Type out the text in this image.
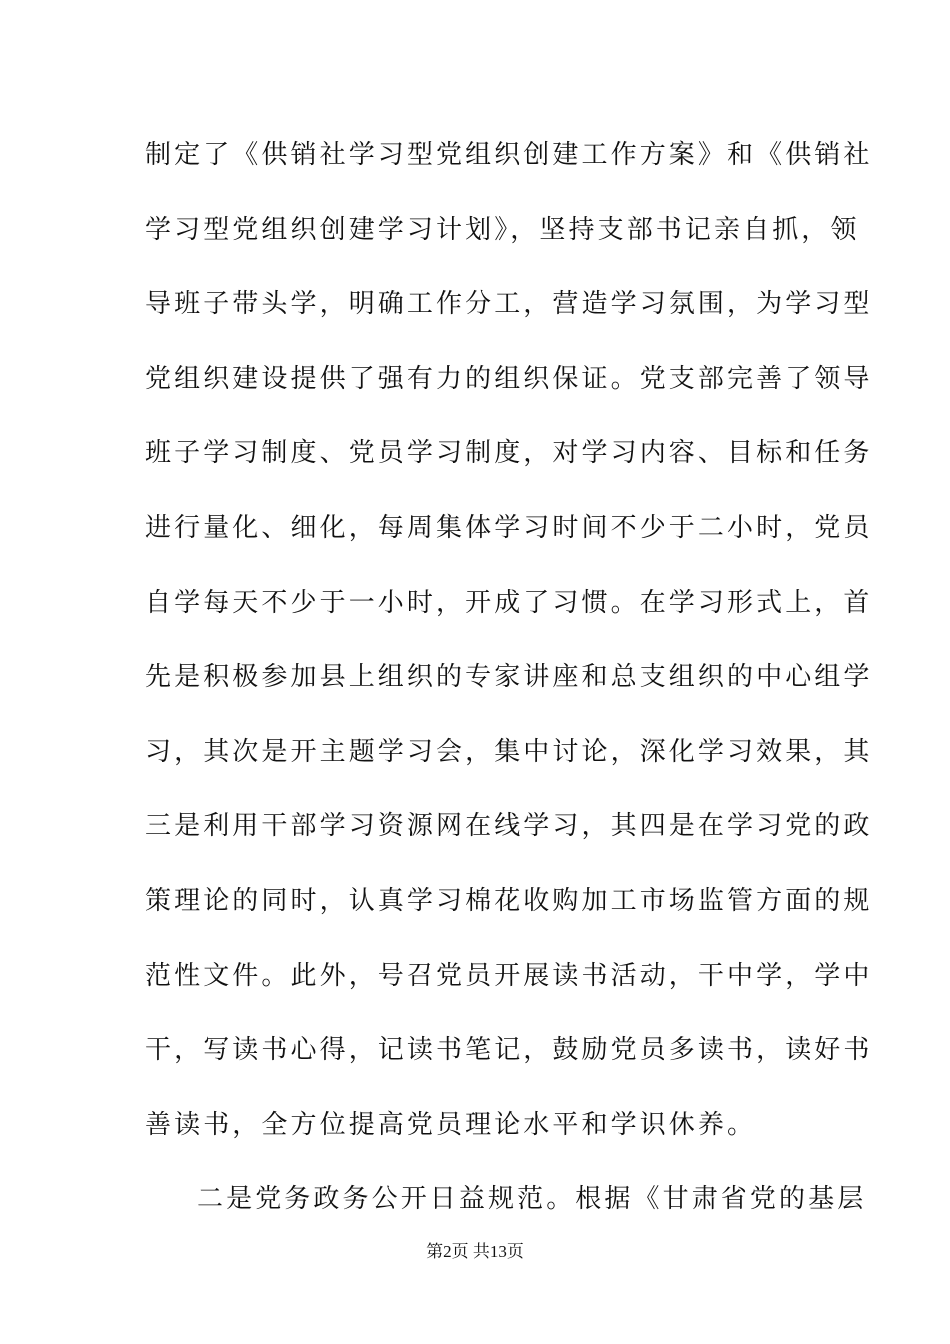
制定了《供销社学习型党组织创建工作方案》和《供销社
学习型党组织创建学习计划》，坚持支部书记亲自抓，领
导班子带头学，明确工作分工，营造学习氛围，为学习型
党组织建设提供了强有力的组织保证。党支部完善了领导
班子学习制度、党员学习制度，对学习内容、目标和任务
进行量化、细化，每周集体学习时间不少于二小时，党员
自学每天不少于一小时，开成了习惯。在学习形式上，首
先是积极参加县上组织的专家讲座和总支组织的中心组学
习，其次是开主题学习会，集中讨论，深化学习效果，其
三是利用干部学习资源网在线学习，其四是在学习党的政
策理论的同时，认真学习棉花收购加工市场监管方面的规
范性文件。此外，号召党员开展读书活动，干中学，学中
干，写读书心得，记读书笔记，鼓励党员多读书，读好书
善读书，全方位提高党员理论水平和学识休养。
二是党务政务公开日益规范。根据《甘肃省党的基层
第2页 共13页
